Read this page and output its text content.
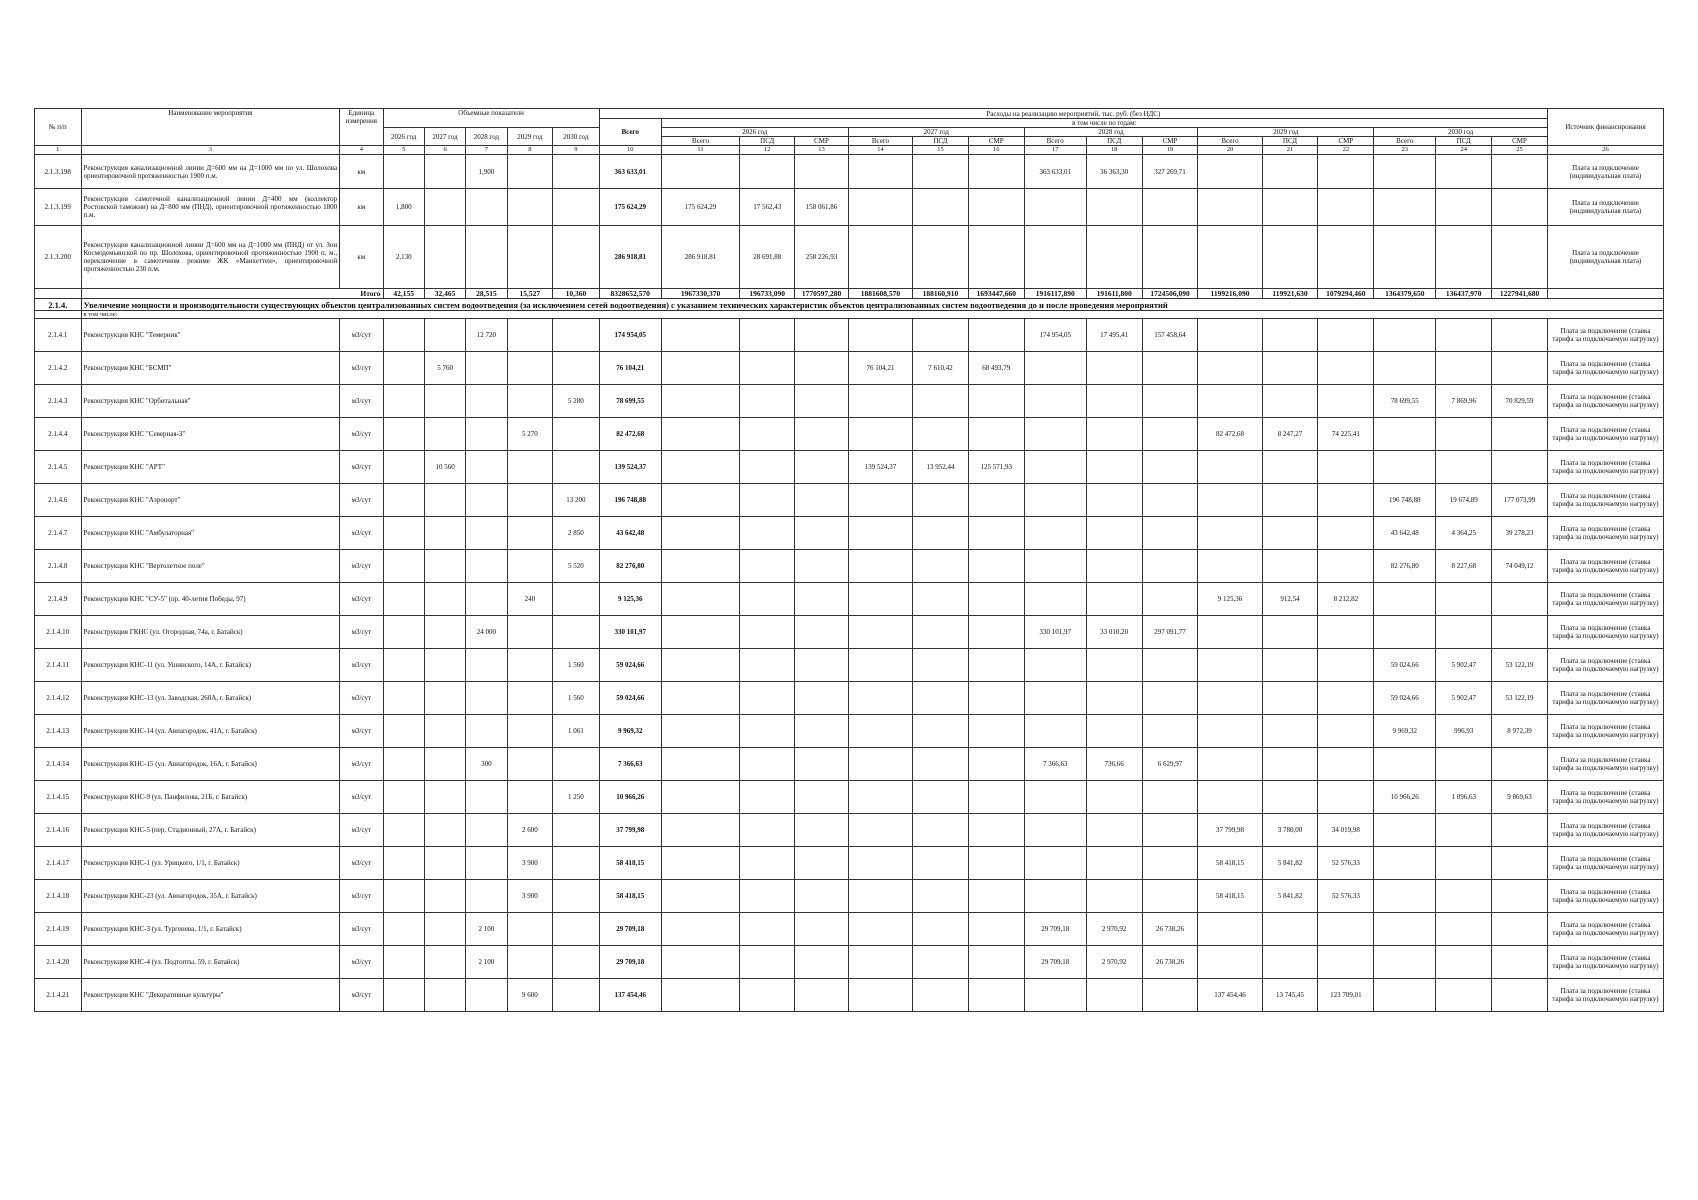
№ п/п	Наименование мероприятия	Единица измерения	Объемные показатели					Расходы на реализацию мероприятий, тыс. руб. (без НДС)																Источник финансирования
								Всего	в том числе по годам:															
			2026 год	2027 год	2028 год	2029 год	2030 год		2026 год			2027 год			2028 год			2029 год			2030 год			
									Всего	ПСД	СМР	Всего	ПСД	СМР	Всего	ПСД	СМР	Всего	ПСД	СМР	Всего	ПСД	СМР	
1	3	4	5	6	7	8	9	10	11	12	13	14	15	16	17	18	19	20	21	22	23	24	25	26
2.1.3.198	Реконструкция канализационной линии Д=600 мм на Д=1000 мм по ул. Шолохова ориентировочной протяженностью 1900 п.м.	км			1,900			363 633,01							363 633,01	36 363,30	327 269,71							Плата за подключение (индивидуальная плата)
2.1.3.199	Реконструкция самотечной канализационной линии Д=400 мм (коллектор Ростовской таможни) на Д=800 мм (ПНД), ориентировочной протяженностью 1800 п.м.	км	1,800					175 624,29	175 624,29	17 562,43	158 061,86													Плата за подключение (индивидуальная плата)
2.1.3.200	Реконструкция канализационной линии Д=600 мм на Д=1000 мм (ПНД) от ул. Зои Космодемьянской по пр. Шолохова, ориентировочной протяженностью 1900 п. м., переключение в самотечном режиме ЖК «Манхеттен», ориентировочной протяженностью 230 п.м.	км	2,130					286 918,81	286 918,81	28 691,88	258 226,93													Плата за подключение (индивидуальная плата)
	Итого		42,155	32,465	28,515	15,527	10,360	8328652,570	1967330,370	196733,090	1770597,280	1881608,570	188160,910	1693447,660	1916117,890	191611,800	1724506,090	1199216,090	119921,630	1079294,460	1364379,650	136437,970	1227941,680	
2.1.4.	Увеличение мощности и производительности существующих объектов централизованных систем водоотведения (за исключением сетей водоотведения) с указанием технических характеристик объектов централизованных систем водоотведения до и после проведения мероприятий																							
	в том числе:																							
2.1.4.1	Реконструкция КНС "Темерник"	м3/сут			12 720			174 954,05							174 954,05	17 495,41	157 458,64							Плата за подключение (ставка тарифа за подключаемую нагрузку)
2.1.4.2	Реконструкция КНС "БСМП"	м3/сут		5 760				76 104,21				76 104,21	7 610,42	68 493,79										Плата за подключение (ставка тарифа за подключаемую нагрузку)
2.1.4.3	Реконструкция КНС "Орбитальная"	м3/сут					5 280	78 699,55													78 699,55	7 869,96	70 829,59	Плата за подключение (ставка тарифа за подключаемую нагрузку)
2.1.4.4	Реконструкция КНС "Северная-3"	м3/сут				5 270		82 472,68										82 472,68	8 247,27	74 225,41				Плата за подключение (ставка тарифа за подключаемую нагрузку)
2.1.4.5	Реконструкция КНС "АРТ"	м3/сут		10 560				139 524,37				139 524,37	13 952,44	125 571,93										Плата за подключение (ставка тарифа за подключаемую нагрузку)
2.1.4.6	Реконструкция КНС "Аэропорт"	м3/сут					13 200	196 748,88													196 748,88	19 674,89	177 073,99	Плата за подключение (ставка тарифа за подключаемую нагрузку)
2.1.4.7	Реконструкция КНС "Амбулаторная"	м3/сут					2 850	43 642,48													43 642,48	4 364,25	39 278,23	Плата за подключение (ставка тарифа за подключаемую нагрузку)
2.1.4.8	Реконструкция КНС "Вертолетное поле"	м3/сут					5 520	82 276,80													82 276,80	8 227,68	74 049,12	Плата за подключение (ставка тарифа за подключаемую нагрузку)
2.1.4.9	Реконструкция КНС "СУ-5" (пр. 40-летия Победы, 97)	м3/сут				240		9 125,36										9 125,36	912,54	8 212,82				Плата за подключение (ставка тарифа за подключаемую нагрузку)
2.1.4.10	Реконструкция ГКНС (ул. Огородная, 74а, г. Батайск)	м3/сут			24 000			330 101,97							330 101,97	33 010,20	297 091,77							Плата за подключение (ставка тарифа за подключаемую нагрузку)
2.1.4.11	Реконструкция КНС-11 (ул. Ушинского, 14А, г. Батайск)	м3/сут					1 560	59 024,66													59 024,66	5 902,47	53 122,19	Плата за подключение (ставка тарифа за подключаемую нагрузку)
2.1.4.12	Реконструкция КНС-13 (ул. Заводская, 260А, г. Батайск)	м3/сут					1 560	59 024,66													59 024,66	5 902,47	53 122,19	Плата за подключение (ставка тарифа за подключаемую нагрузку)
2.1.4.13	Реконструкция КНС-14 (ул. Авиагородок, 41А, г. Батайск)	м3/сут					1 061	9 969,32													9 969,32	996,93	8 972,39	Плата за подключение (ставка тарифа за подключаемую нагрузку)
2.1.4.14	Реконструкция КНС-15 (ул. Авиагородок, 16А, г. Батайск)	м3/сут			300			7 366,63							7 366,63	736,66	6 629,97							Плата за подключение (ставка тарифа за подключаемую нагрузку)
2.1.4.15	Реконструкция КНС-9 (ул. Панфилова, 21Б, г. Батайск)	м3/сут					1 250	10 966,26													10 966,26	1 096,63	9 869,63	Плата за подключение (ставка тарифа за подключаемую нагрузку)
2.1.4.16	Реконструкция КНС-5 (пер. Стадионный, 27А, г. Батайск)	м3/сут				2 600		37 799,98										37 799,98	3 780,00	34 019,98				Плата за подключение (ставка тарифа за подключаемую нагрузку)
2.1.4.17	Реконструкция КНС-1 (ул. Урицкого, 1/1, г. Батайск)	м3/сут				3 900		58 418,15										58 418,15	5 841,82	52 576,33				Плата за подключение (ставка тарифа за подключаемую нагрузку)
2.1.4.18	Реконструкция КНС-23 (ул. Авиагородок, 35А, г. Батайск)	м3/сут				3 900		58 418,15										58 418,15	5 841,82	52 576,33				Плата за подключение (ставка тарифа за подключаемую нагрузку)
2.1.4.19	Реконструкция КНС-3 (ул. Тургенева, 1/1, г. Батайск)	м3/сут			2 100			29 709,18							29 709,18	2 970,92	26 738,26							Плата за подключение (ставка тарифа за подключаемую нагрузку)
2.1.4.20	Реконструкция КНС-4 (ул. Подтопты, 59, г. Батайск)	м3/сут			2 100			29 709,18							29 709,18	2 970,92	26 738,26							Плата за подключение (ставка тарифа за подключаемую нагрузку)
2.1.4.21	Реконструкция КНС "Декоративные культуры"	м3/сут				9 600		137 454,46										137 454,46	13 745,45	123 709,01				Плата за подключение (ставка тарифа за подключаемую нагрузку)
